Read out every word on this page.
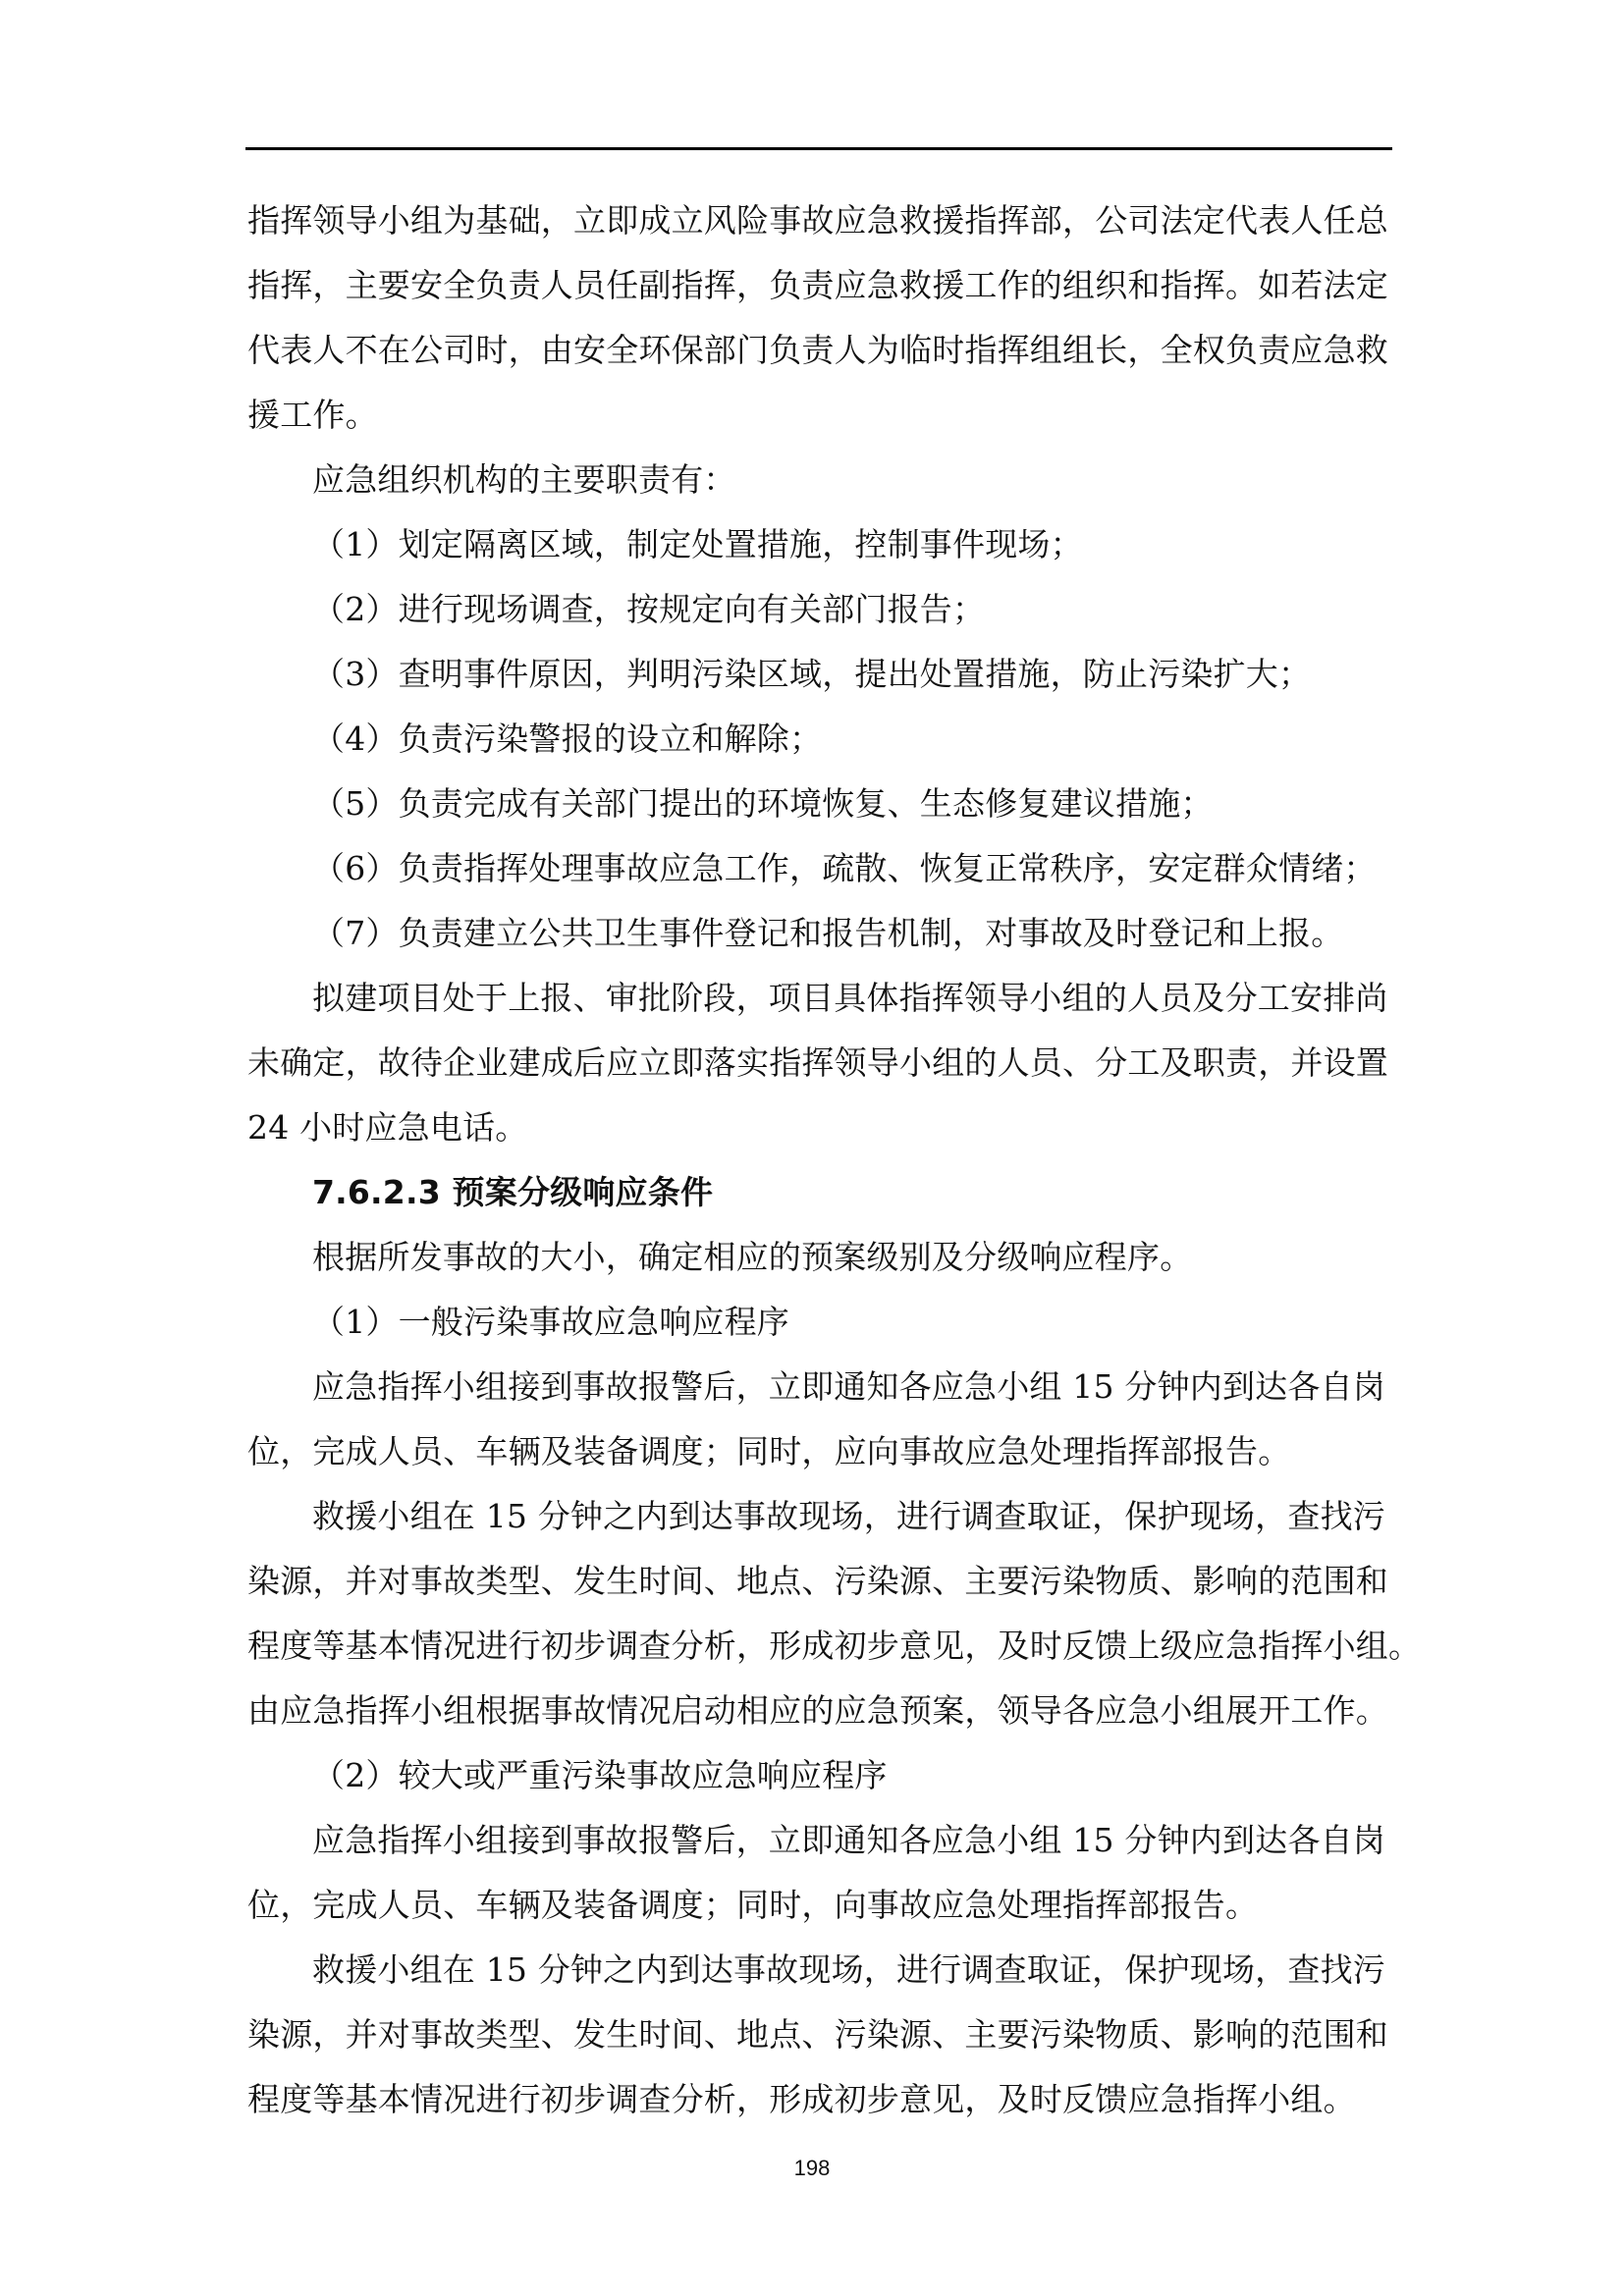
指挥领导小组为基础，立即成立风险事故应急救援指挥部，公司法定代表人任总

指挥，主要安全负责人员任副指挥，负责应急救援工作的组织和指挥。如若法定

代表人不在公司时，由安全环保部门负责人为临时指挥组组长，全权负责应急救

援工作。

应急组织机构的主要职责有：

（1）划定隔离区域，制定处置措施，控制事件现场；

（2）进行现场调查，按规定向有关部门报告；

（3）查明事件原因，判明污染区域，提出处置措施，防止污染扩大；

（4）负责污染警报的设立和解除；

（5）负责完成有关部门提出的环境恢复、生态修复建议措施；

（6）负责指挥处理事故应急工作，疏散、恢复正常秩序，安定群众情绪；

（7）负责建立公共卫生事件登记和报告机制，对事故及时登记和上报。

拟建项目处于上报、审批阶段，项目具体指挥领导小组的人员及分工安排尚

未确定，故待企业建成后应立即落实指挥领导小组的人员、分工及职责，并设置

24 小时应急电话。

7.6.2.3 预案分级响应条件

根据所发事故的大小，确定相应的预案级别及分级响应程序。

（1）一般污染事故应急响应程序

应急指挥小组接到事故报警后，立即通知各应急小组 15 分钟内到达各自岗

位，完成人员、车辆及装备调度；同时，应向事故应急处理指挥部报告。

救援小组在 15 分钟之内到达事故现场，进行调查取证，保护现场，查找污

染源，并对事故类型、发生时间、地点、污染源、主要污染物质、影响的范围和

程度等基本情况进行初步调查分析，形成初步意见，及时反馈上级应急指挥小组。

由应急指挥小组根据事故情况启动相应的应急预案，领导各应急小组展开工作。

（2）较大或严重污染事故应急响应程序

应急指挥小组接到事故报警后，立即通知各应急小组 15 分钟内到达各自岗

位，完成人员、车辆及装备调度；同时，向事故应急处理指挥部报告。

救援小组在 15 分钟之内到达事故现场，进行调查取证，保护现场，查找污

染源，并对事故类型、发生时间、地点、污染源、主要污染物质、影响的范围和

程度等基本情况进行初步调查分析，形成初步意见，及时反馈应急指挥小组。

198
